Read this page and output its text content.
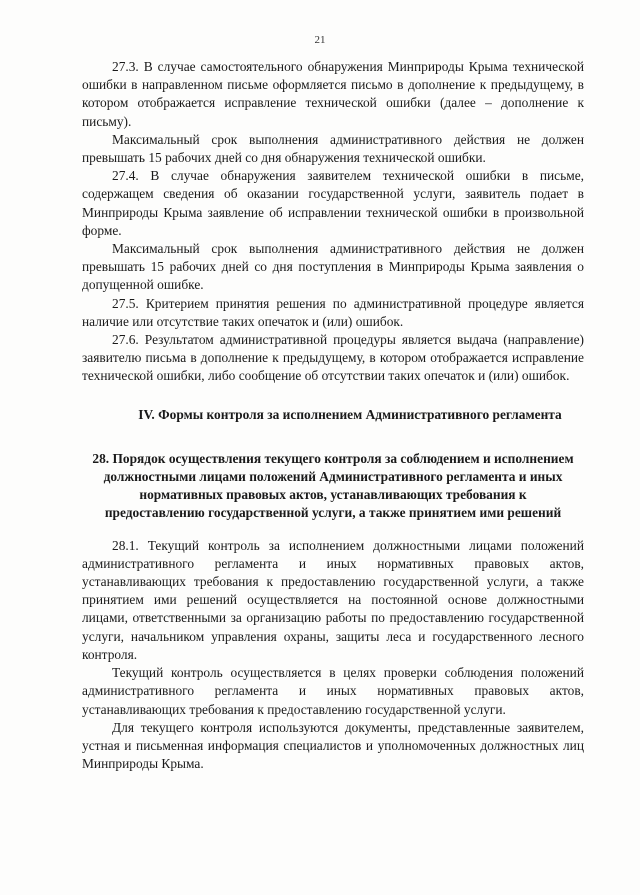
21

27.3. В случае самостоятельного обнаружения Минприроды Крыма технической ошибки в направленном письме оформляется письмо в дополнение к предыдущему, в котором отображается исправление технической ошибки (далее – дополнение к письму).

Максимальный срок выполнения административного действия не должен превышать 15 рабочих дней со дня обнаружения технической ошибки.

27.4. В случае обнаружения заявителем технической ошибки в письме, содержащем сведения об оказании государственной услуги, заявитель подает в Минприроды Крыма заявление об исправлении технической ошибки в произвольной форме.

Максимальный срок выполнения административного действия не должен превышать 15 рабочих дней со дня поступления в Минприроды Крыма заявления о допущенной ошибке.

27.5. Критерием принятия решения по административной процедуре является наличие или отсутствие таких опечаток и (или) ошибок.

27.6. Результатом административной процедуры является выдача (направление) заявителю письма в дополнение к предыдущему, в котором отображается исправление технической ошибки, либо сообщение об отсутствии таких опечаток и (или) ошибок.

IV. Формы контроля за исполнением Административного регламента

28. Порядок осуществления текущего контроля за соблюдением и исполнением должностными лицами положений Административного регламента и иных нормативных правовых актов, устанавливающих требования к предоставлению государственной услуги, а также принятием ими решений

28.1. Текущий контроль за исполнением должностными лицами положений административного регламента и иных нормативных правовых актов, устанавливающих требования к предоставлению государственной услуги, а также принятием ими решений осуществляется на постоянной основе должностными лицами, ответственными за организацию работы по предоставлению государственной услуги, начальником управления охраны, защиты леса и государственного лесного контроля.

Текущий контроль осуществляется в целях проверки соблюдения положений административного регламента и иных нормативных правовых актов, устанавливающих требования к предоставлению государственной услуги.

Для текущего контроля используются документы, представленные заявителем, устная и письменная информация специалистов и уполномоченных должностных лиц Минприроды Крыма.
